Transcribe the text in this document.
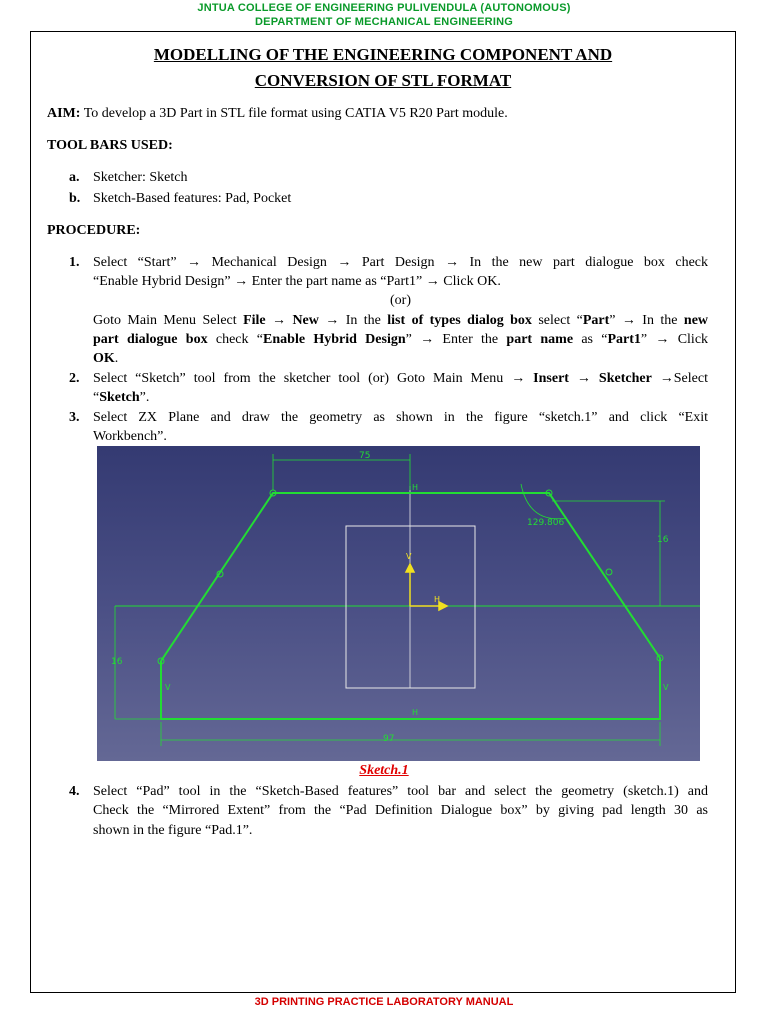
JNTUA COLLEGE OF ENGINEERING PULIVENDULA (AUTONOMOUS)
DEPARTMENT OF MECHANICAL ENGINEERING
MODELLING OF THE ENGINEERING COMPONENT AND
CONVERSION OF STL FORMAT
AIM: To develop a 3D Part in STL file format using CATIA V5 R20 Part module.
TOOL BARS USED:
a. Sketcher: Sketch
b. Sketch-Based features: Pad, Pocket
PROCEDURE:
1. Select “Start” → Mechanical Design → Part Design → In the new part dialogue box check
“Enable Hybrid Design” → Enter the part name as “Part1” → Click OK.
(or)
Goto Main Menu Select File → New → In the list of types dialog box select “Part” → In the new
part dialogue box check “Enable Hybrid Design” → Enter the part name as “Part1” → Click
OK.
2. Select “Sketch” tool from the sketcher tool (or) Goto Main Menu → Insert → Sketcher →Select
“Sketch”.
3. Select ZX Plane and draw the geometry as shown in the figure “sketch.1” and click “Exit
Workbench”.
V	V
H
H
75
129.806
16
16
97
V
H
Sketch.1
4. Select “Pad” tool in the “Sketch-Based features” tool bar and select the geometry (sketch.1) and
Check the “Mirrored Extent” from the “Pad Definition Dialogue box” by giving pad length 30 as
shown in the figure “Pad.1”.
3D PRINTING PRACTICE LABORATORY MANUAL
